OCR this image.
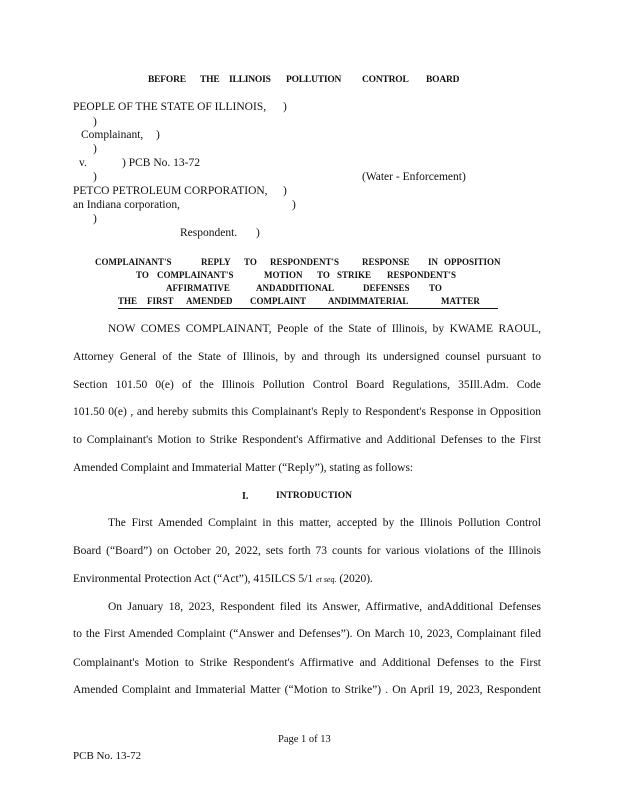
BEFORE THE ILLINOIS POLLUTION CONTROL BOARD
PEOPLE OF THE STATE OF ILLINOIS, )
)
Complainant, )
)
v.	) PCB No. 13-72
)	(Water - Enforcement)
PETCO PETROLEUM CORPORATION, )
an Indiana corporation,	)
)
Respondent. )
COMPLAINANT'S	REPLY TO RESPONDENT'S	RESPONSE IN OPPOSITION
TO COMPLAINANT'S	MOTION TO STRIKE RESPONDENT'S
AFFIRMATIVE	ANDADDITIONAL	DEFENSES TO
THE FIRST AMENDED COMPLAINT ANDIMMATERIAL	MATTER
NOW COMES COMPLAINANT, People of the State of Illinois, by KWAME RAOUL,
Attorney General of the State of Illinois, by and through its undersigned counsel pursuant to
Section 101.50 0(e) of the Illinois Pollution Control Board Regulations, 35Ill.Adm. Code
101.50 0(e) , and hereby submits this Complainant's Reply to Respondent's Response in Opposition
to Complainant's Motion to Strike Respondent's Affirmative and Additional Defenses to the First
Amended Complaint and Immaterial Matter (“Reply”), stating as follows:
I.	INTRODUCTION
The First Amended Complaint in this matter, accepted by the Illinois Pollution Control
Board (“Board”) on October 20, 2022, sets forth 73 counts for various violations of the Illinois
Environmental Protection Act (“Act”), 415ILCS 5/1 et seq. (2020).
On January 18, 2023, Respondent filed its Answer, Affirmative, andAdditional Defenses
to the First Amended Complaint (“Answer and Defenses”). On March 10, 2023, Complainant filed
Complainant's Motion to Strike Respondent's Affirmative and Additional Defenses to the First
Amended Complaint and Immaterial Matter (“Motion to Strike”) . On April 19, 2023, Respondent
Page 1 of 13
PCB No. 13-72
